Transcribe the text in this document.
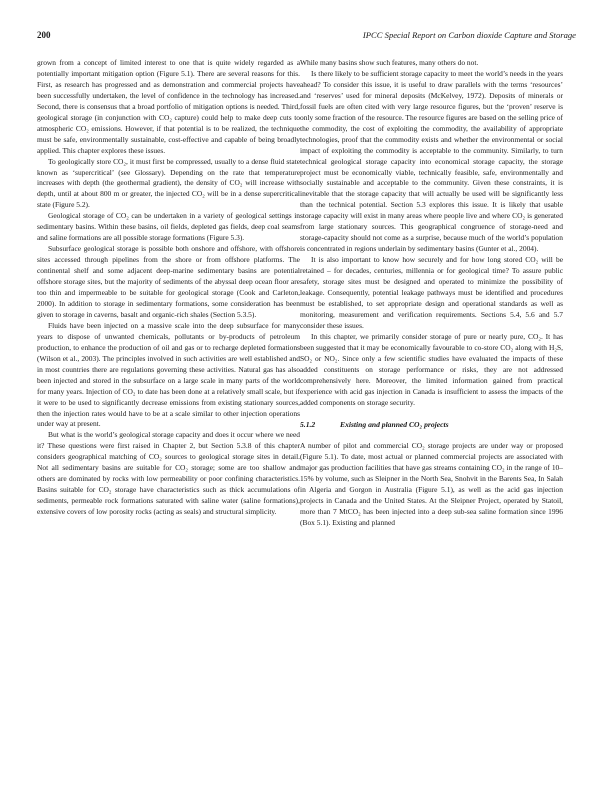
200	IPCC Special Report on Carbon dioxide Capture and Storage

grown from a concept of limited interest to one that is quite widely regarded as a potentially important mitigation option (Figure 5.1). There are several reasons for this. First, as research has progressed and as demonstration and commercial projects have been successfully undertaken, the level of confidence in the technology has increased. Second, there is consensus that a broad portfolio of mitigation options is needed. Third, geological storage (in conjunction with CO₂ capture) could help to make deep cuts to atmospheric CO₂ emissions. However, if that potential is to be realized, the technique must be safe, environmentally sustainable, cost-effective and capable of being broadly applied. This chapter explores these issues.

To geologically store CO₂, it must first be compressed, usually to a dense fluid state known as ‘supercritical’ (see Glossary). Depending on the rate that temperature increases with depth (the geothermal gradient), the density of CO₂ will increase with depth, until at about 800 m or greater, the injected CO₂ will be in a dense supercritical state (Figure 5.2).

Geological storage of CO₂ can be undertaken in a variety of geological settings in sedimentary basins. Within these basins, oil fields, depleted gas fields, deep coal seams and saline formations are all possible storage formations (Figure 5.3).

Subsurface geological storage is possible both onshore and offshore, with offshore sites accessed through pipelines from the shore or from offshore platforms. The continental shelf and some adjacent deep-marine sedimentary basins are potential offshore storage sites, but the majority of sediments of the abyssal deep ocean floor are too thin and impermeable to be suitable for geological storage (Cook and Carleton, 2000). In addition to storage in sedimentary formations, some consideration has been given to storage in caverns, basalt and organic-rich shales (Section 5.3.5).

Fluids have been injected on a massive scale into the deep subsurface for many years to dispose of unwanted chemicals, pollutants or by-products of petroleum production, to enhance the production of oil and gas or to recharge depleted formations (Wilson et al., 2003). The principles involved in such activities are well established and in most countries there are regulations governing these activities. Natural gas has also been injected and stored in the subsurface on a large scale in many parts of the world for many years. Injection of CO₂ to date has been done at a relatively small scale, but if it were to be used to significantly decrease emissions from existing stationary sources, then the injection rates would have to be at a scale similar to other injection operations under way at present.

But what is the world’s geological storage capacity and does it occur where we need it? These questions were first raised in Chapter 2, but Section 5.3.8 of this chapter considers geographical matching of CO₂ sources to geological storage sites in detail. Not all sedimentary basins are suitable for CO₂ storage; some are too shallow and others are dominated by rocks with low permeability or poor confining characteristics. Basins suitable for CO₂ storage have characteristics such as thick accumulations of sediments, permeable rock formations saturated with saline water (saline formations), extensive covers of low porosity rocks (acting as seals) and structural simplicity.

While many basins show such features, many others do not.

Is there likely to be sufficient storage capacity to meet the world’s needs in the years ahead? To consider this issue, it is useful to draw parallels with the terms ‘resources’ and ‘reserves’ used for mineral deposits (McKelvey, 1972). Deposits of minerals or fossil fuels are often cited with very large resource figures, but the ‘proven’ reserve is only some fraction of the resource. The resource figures are based on the selling price of the commodity, the cost of exploiting the commodity, the availability of appropriate technologies, proof that the commodity exists and whether the environmental or social impact of exploiting the commodity is acceptable to the community. Similarly, to turn technical geological storage capacity into economical storage capacity, the storage project must be economically viable, technically feasible, safe, environmentally and socially sustainable and acceptable to the community. Given these constraints, it is inevitable that the storage capacity that will actually be used will be significantly less than the technical potential. Section 5.3 explores this issue. It is likely that usable storage capacity will exist in many areas where people live and where CO₂ is generated from large stationary sources. This geographical congruence of storage-need and storage-capacity should not come as a surprise, because much of the world’s population is concentrated in regions underlain by sedimentary basins (Gunter et al., 2004).

It is also important to know how securely and for how long stored CO₂ will be retained – for decades, centuries, millennia or for geological time? To assure public safety, storage sites must be designed and operated to minimize the possibility of leakage. Consequently, potential leakage pathways must be identified and procedures must be established, to set appropriate design and operational standards as well as monitoring, measurement and verification requirements. Sections 5.4, 5.6 and 5.7 consider these issues.

In this chapter, we primarily consider storage of pure or nearly pure, CO₂. It has been suggested that it may be economically favourable to co-store CO₂ along with H₂S, SO₂ or NO₂. Since only a few scientific studies have evaluated the impacts of these added constituents on storage performance or risks, they are not addressed comprehensively here. Moreover, the limited information gained from practical experience with acid gas injection in Canada is insufficient to assess the impacts of the added components on storage security.

5.1.2	Existing and planned CO₂ projects

A number of pilot and commercial CO₂ storage projects are under way or proposed (Figure 5.1). To date, most actual or planned commercial projects are associated with major gas production facilities that have gas streams containing CO₂ in the range of 10–15% by volume, such as Sleipner in the North Sea, Snohvit in the Barents Sea, In Salah in Algeria and Gorgon in Australia (Figure 5.1), as well as the acid gas injection projects in Canada and the United States. At the Sleipner Project, operated by Statoil, more than 7 MtCO₂ has been injected into a deep sub-sea saline formation since 1996 (Box 5.1). Existing and planned
